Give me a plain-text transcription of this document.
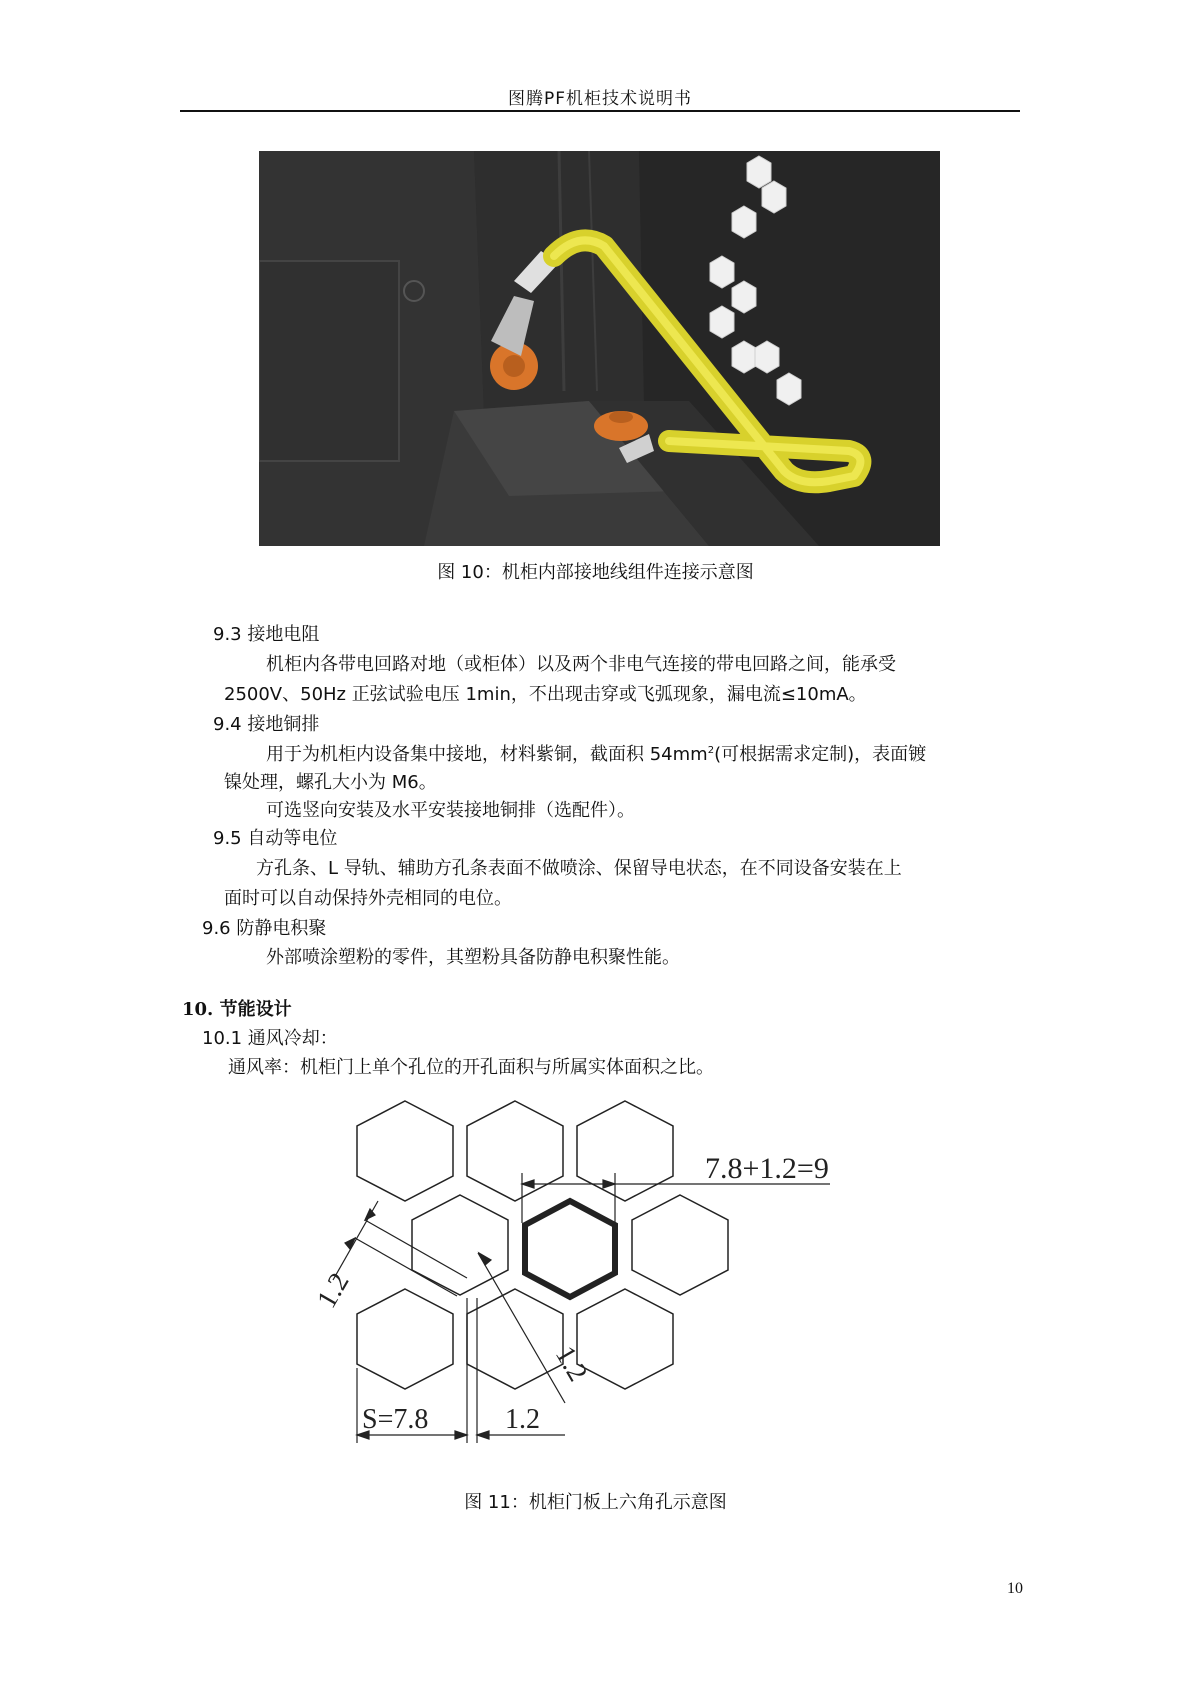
图腾PF机柜技术说明书
图 10：机柜内部接地线组件连接示意图
9.3 接地电阻
机柜内各带电回路对地（或柜体）以及两个非电气连接的带电回路之间，能承受
2500V、50Hz 正弦试验电压 1min，不出现击穿或飞弧现象，漏电流≤10mA。
9.4 接地铜排
用于为机柜内设备集中接地，材料紫铜，截面积 $54mm^2$(可根据需求定制)，表面镀
镍处理，螺孔大小为 M6。
可选竖向安装及水平安装接地铜排（选配件）。
9.5 自动等电位
方孔条、L 导轨、辅助方孔条表面不做喷涂、保留导电状态，在不同设备安装在上
面时可以自动保持外壳相同的电位。
9.6 防静电积聚
外部喷涂塑粉的零件，其塑粉具备防静电积聚性能。
10. 节能设计
10.1 通风冷却：
通风率：机柜门上单个孔位的开孔面积与所属实体面积之比。
7.8+1.2=9
1.2
1.2
S=7.8	1.2
图 11：机柜门板上六角孔示意图
10
